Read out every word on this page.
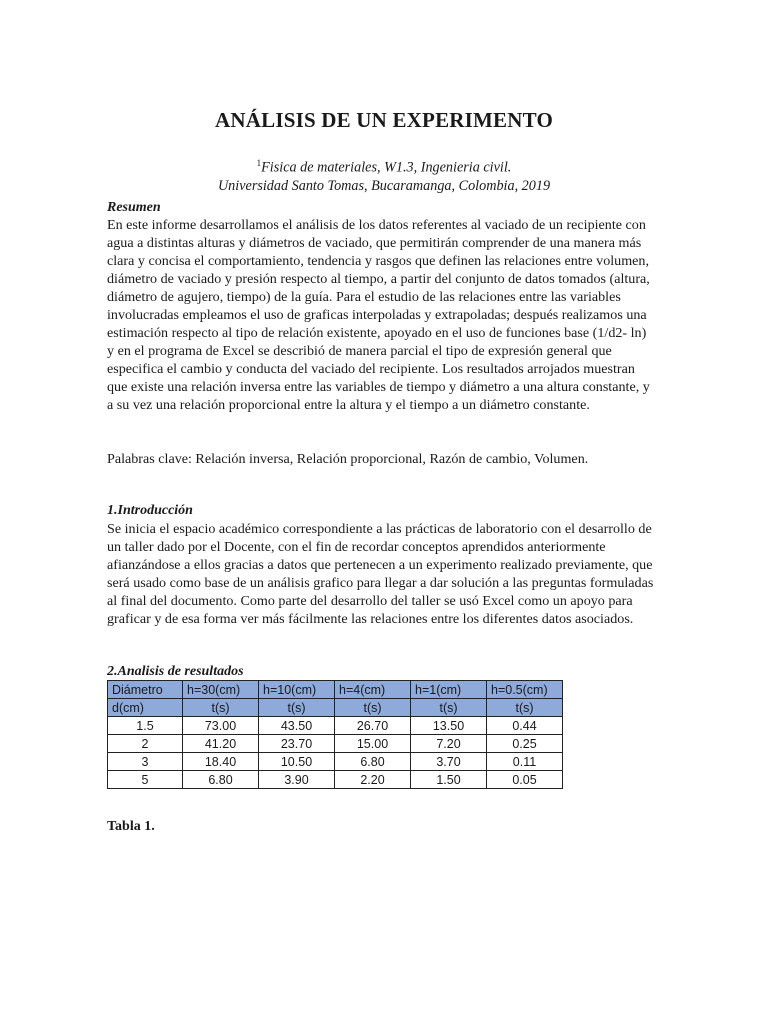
ANÁLISIS DE UN EXPERIMENTO
$^1$Fisica de materiales, W1.3, Ingenieria civil.
Universidad Santo Tomas, Bucaramanga, Colombia, 2019
Resumen
En este informe desarrollamos el análisis de los datos referentes al vaciado de un recipiente con agua a distintas alturas y diámetros de vaciado, que permitirán comprender de una manera más clara y concisa el comportamiento, tendencia y rasgos que definen las relaciones entre volumen, diámetro de vaciado y presión respecto al tiempo, a partir del conjunto de datos tomados (altura, diámetro de agujero, tiempo) de la guía. Para el estudio de las relaciones entre las variables involucradas empleamos el uso de graficas interpoladas y extrapoladas; después realizamos una estimación respecto al tipo de relación existente, apoyado en el uso de funciones base (1/d2- ln) y en el programa de Excel se describió de manera parcial el tipo de expresión general que especifica el cambio y conducta del vaciado del recipiente. Los resultados arrojados muestran que existe una relación inversa entre las variables de tiempo y diámetro a una altura constante, y a su vez una relación proporcional entre la altura y el tiempo a un diámetro constante.
Palabras clave: Relación inversa, Relación proporcional, Razón de cambio, Volumen.
1.Introducción
Se inicia el espacio académico correspondiente a las prácticas de laboratorio con el desarrollo de un taller dado por el Docente, con el fin de recordar conceptos aprendidos anteriormente afianzándose a ellos gracias a datos que pertenecen a un experimento realizado previamente, que será usado como base de un análisis grafico para llegar a dar solución a las preguntas formuladas al final del documento. Como parte del desarrollo del taller se usó Excel como un apoyo para graficar y de esa forma ver más fácilmente las relaciones entre los diferentes datos asociados.
2.Analisis de resultados
Diámetro	h=30(cm)	h=10(cm)	h=4(cm)	h=1(cm)	h=0.5(cm)
d(cm)	t(s)	t(s)	t(s)	t(s)	t(s)
1.5	73.00	43.50	26.70	13.50	0.44
2	41.20	23.70	15.00	7.20	0.25
3	18.40	10.50	6.80	3.70	0.11
5	6.80	3.90	2.20	1.50	0.05
Tabla 1.
